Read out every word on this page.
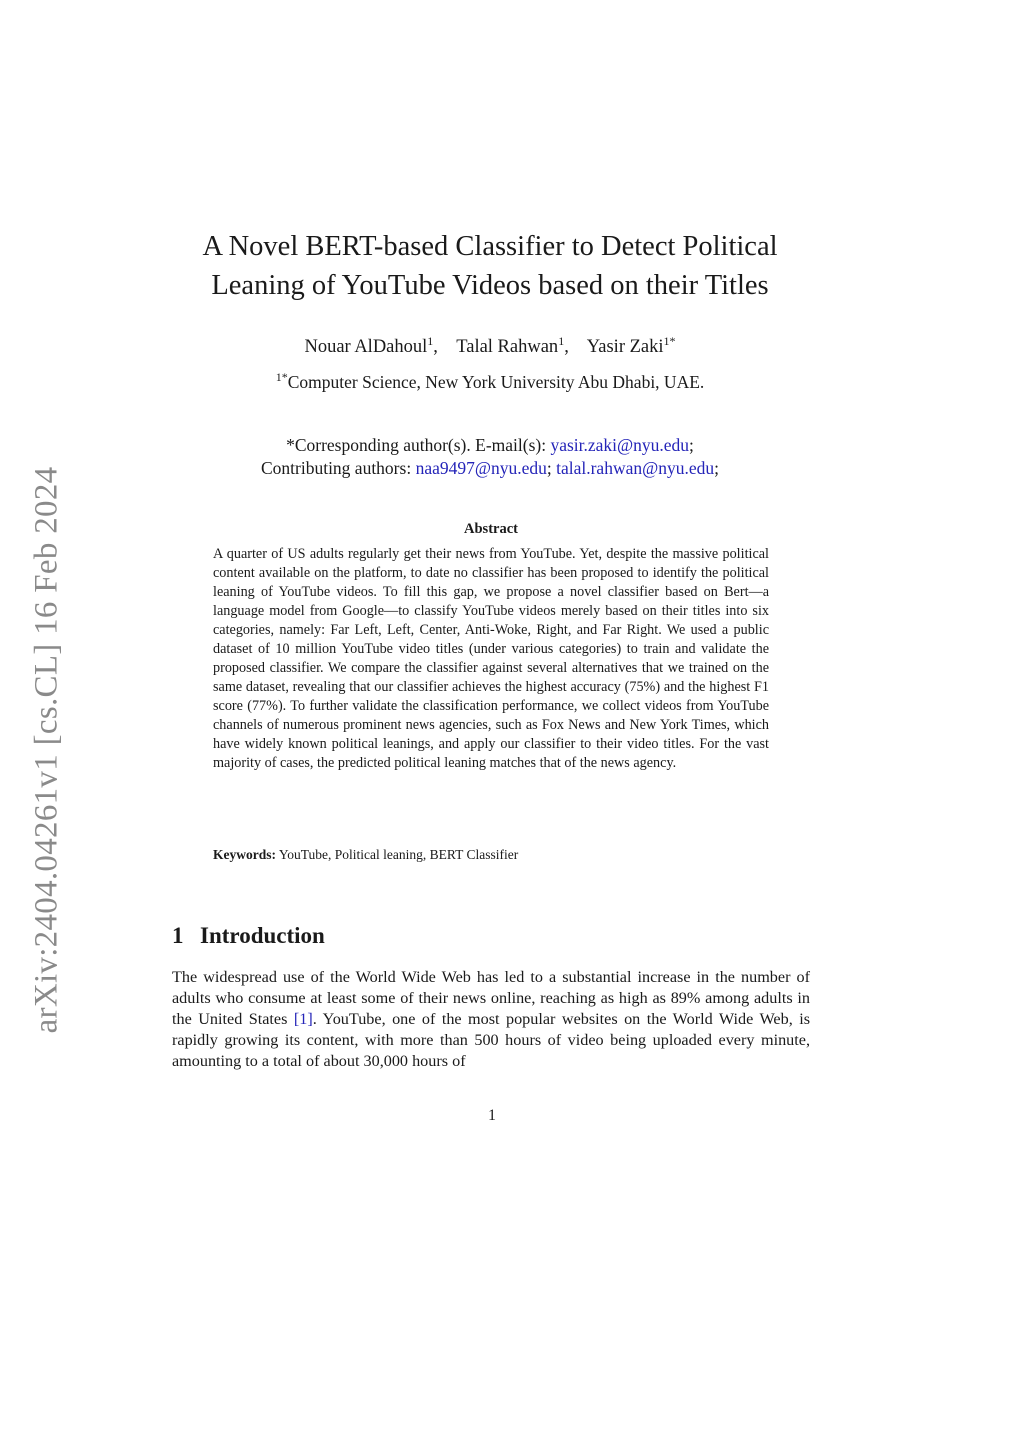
arXiv:2404.04261v1 [cs.CL] 16 Feb 2024
A Novel BERT-based Classifier to Detect Political
Leaning of YouTube Videos based on their Titles
Nouar AlDahoul$^1$, Talal Rahwan$^1$, Yasir Zaki$^{1*}$
$^{1*}$Computer Science, New York University Abu Dhabi, UAE.
*Corresponding author(s). E-mail(s): yasir.zaki@nyu.edu;
Contributing authors: naa9497@nyu.edu; talal.rahwan@nyu.edu;
Abstract
A quarter of US adults regularly get their news from YouTube. Yet, despite the massive political content available on the platform, to date no classifier has been proposed to identify the political leaning of YouTube videos. To fill this gap, we propose a novel classifier based on Bert—a language model from Google—to classify YouTube videos merely based on their titles into six categories, namely: Far Left, Left, Center, Anti-Woke, Right, and Far Right. We used a public dataset of 10 million YouTube video titles (under various categories) to train and validate the proposed classifier. We compare the classifier against several alternatives that we trained on the same dataset, revealing that our classifier achieves the highest accuracy (75%) and the highest F1 score (77%). To further validate the classification performance, we collect videos from YouTube channels of numerous prominent news agencies, such as Fox News and New York Times, which have widely known political leanings, and apply our classifier to their video titles. For the vast majority of cases, the predicted political leaning matches that of the news agency.
Keywords: YouTube, Political leaning, BERT Classifier
1 Introduction
The widespread use of the World Wide Web has led to a substantial increase in the number of adults who consume at least some of their news online, reaching as high as 89% among adults in the United States [1]. YouTube, one of the most popular websites on the World Wide Web, is rapidly growing its content, with more than 500 hours of video being uploaded every minute, amounting to a total of about 30,000 hours of
1
